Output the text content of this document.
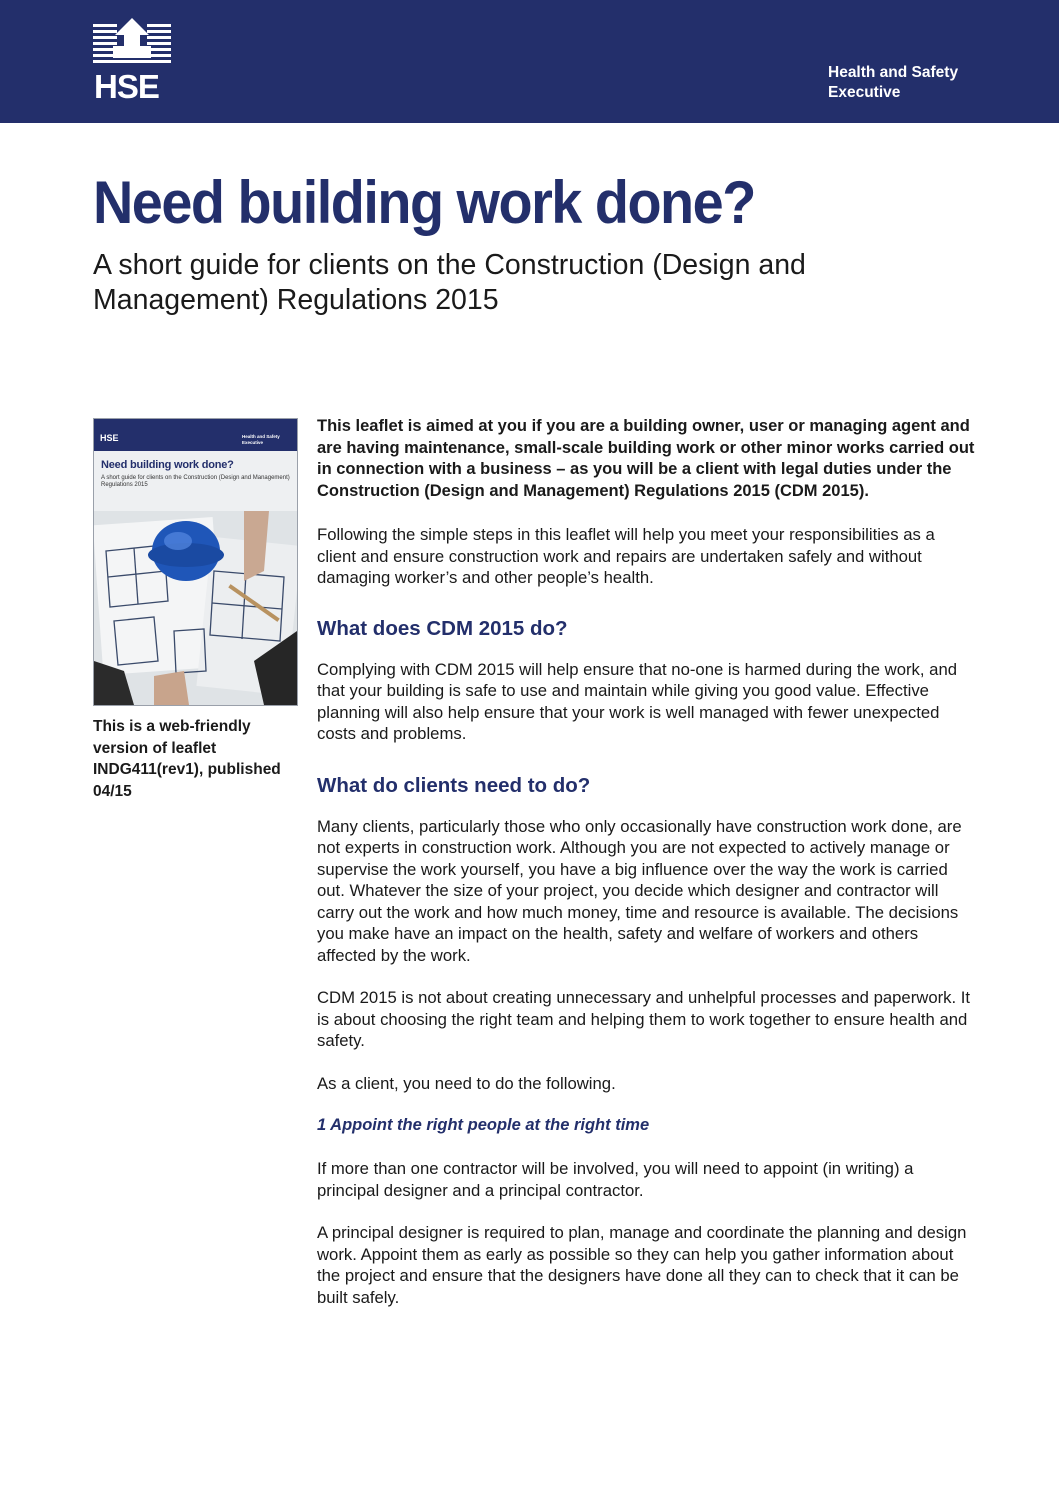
HSE	Health and Safety Executive
Need building work done?
A short guide for clients on the Construction (Design and Management) Regulations 2015
HSE	Health and Safety Executive
Need building work done?
A short guide for clients on the Construction (Design and Management) Regulations 2015

This is a web-friendly version of leaflet INDG411(rev1), published 04/15

This leaflet is aimed at you if you are a building owner, user or managing agent and are having maintenance, small-scale building work or other minor works carried out in connection with a business – as you will be a client with legal duties under the Construction (Design and Management) Regulations 2015 (CDM 2015).

Following the simple steps in this leaflet will help you meet your responsibilities as a client and ensure construction work and repairs are undertaken safely and without damaging worker’s and other people’s health.

What does CDM 2015 do?

Complying with CDM 2015 will help ensure that no-one is harmed during the work, and that your building is safe to use and maintain while giving you good value. Effective planning will also help ensure that your work is well managed with fewer unexpected costs and problems.

What do clients need to do?

Many clients, particularly those who only occasionally have construction work done, are not experts in construction work. Although you are not expected to actively manage or supervise the work yourself, you have a big influence over the way the work is carried out. Whatever the size of your project, you decide which designer and contractor will carry out the work and how much money, time and resource is available. The decisions you make have an impact on the health, safety and welfare of workers and others affected by the work.

CDM 2015 is not about creating unnecessary and unhelpful processes and paperwork. It is about choosing the right team and helping them to work together to ensure health and safety.

As a client, you need to do the following.

1 Appoint the right people at the right time

If more than one contractor will be involved, you will need to appoint (in writing) a principal designer and a principal contractor.

A principal designer is required to plan, manage and coordinate the planning and design work. Appoint them as early as possible so they can help you gather information about the project and ensure that the designers have done all they can to check that it can be built safely.
